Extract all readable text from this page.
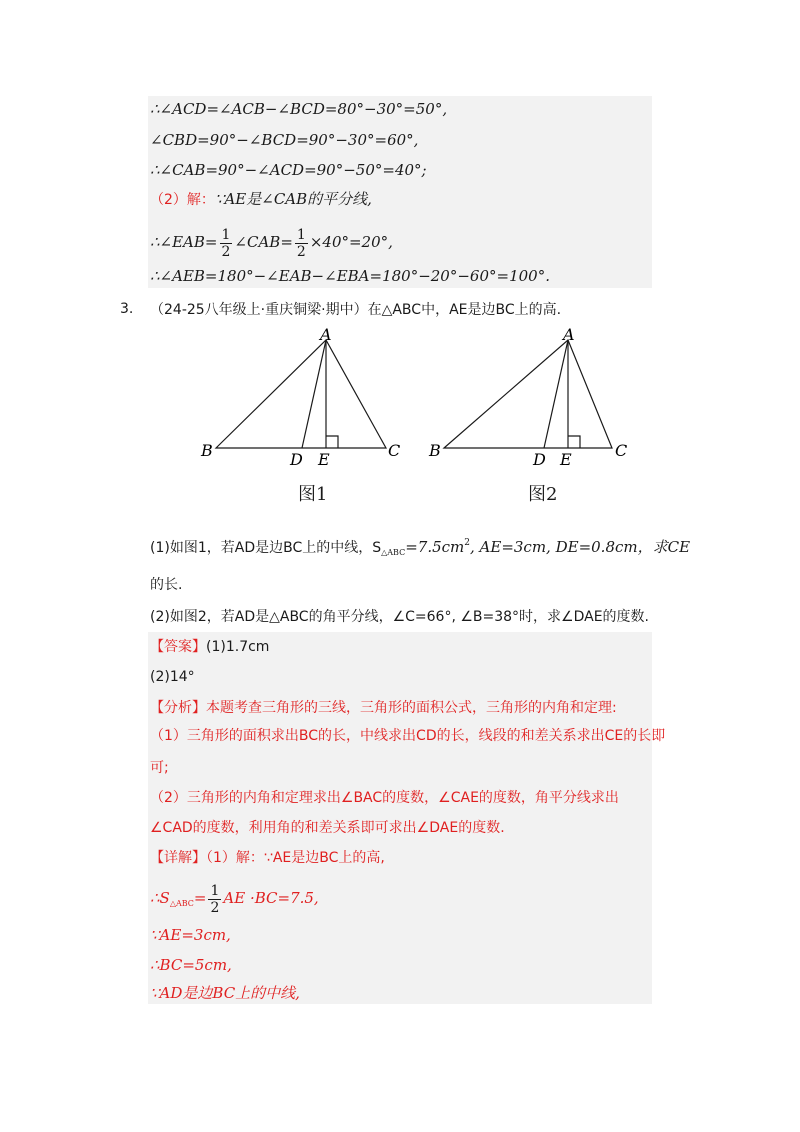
∴∠ACD=∠ACB−∠BCD=80°−30°=50°,
∠CBD=90°−∠BCD=90°−30°=60°,
∴∠CAB=90°−∠ACD=90°−50°=40°;
（2）解：∵AE是∠CAB的平分线,
∴∠EAB= $\frac{1}{2}$ ∠CAB= $\frac{1}{2} \times 40^\circ=20^\circ$,
∴∠AEB=180°−∠EAB−∠EBA=180°−20°−60°=100°.
3. （24-25八年级上·重庆铜梁·期中）在△ABC中，AE是边BC上的高.
A
B	C
D E
A
B	C
D E
图2
图1
(1)如图1，若AD是边BC上的中线，$S_{\triangle ABC}=7.5cm^2$, AE=3cm, DE=0.8cm，求CE
的长.
(2)如图2，若AD是△ABC的角平分线，∠C=66°, ∠B=38°时，求∠DAE的度数.
【答案】(1)1.7cm
(2)14°
【分析】本题考查三角形的三线，三角形的面积公式，三角形的内角和定理:
（1）三角形的面积求出BC的长，中线求出CD的长，线段的和差关系求出CE的长即
可;
（2）三角形的内角和定理求出∠BAC的度数，∠CAE的度数，角平分线求出
∠CAD的度数，利用角的和差关系即可求出∠DAE的度数.
【详解】（1）解：∵AE是边BC上的高,
$\therefore S_{\triangle ABC}= \frac{1}{2}$ AE ·BC=7.5,
∵AE=3cm,
∴BC=5cm,
∵AD是边BC上的中线,
